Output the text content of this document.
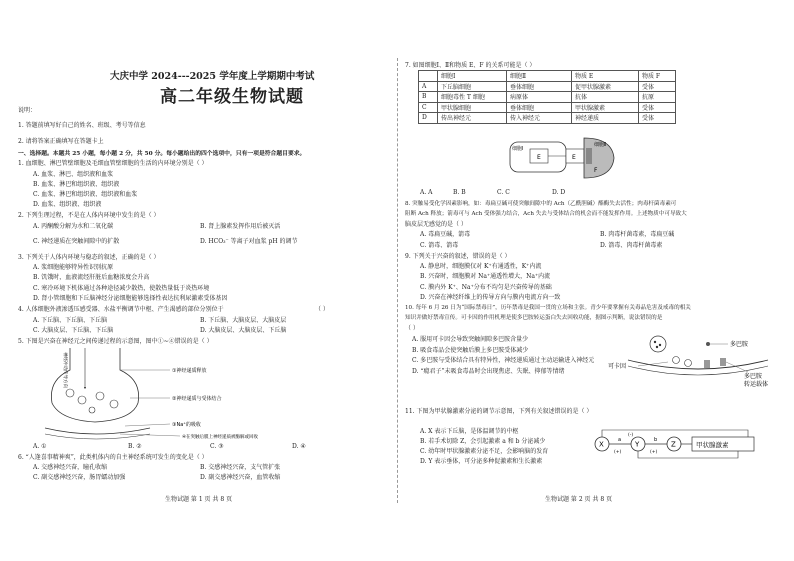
大庆中学 2024---2025 学年度上学期期中考试
高二年级生物试题
说明：
1. 答题前填写好自己的姓名、班级、考号等信息
2. 请将答案正确填写在答题卡上
一、选择题。本题共 25 小题，每小题 2 分，共 50 分。每小题给出的四个选项中，只有一项是符合题目要求。
1. 血细胞、淋巴管壁细胞及毛细血管壁细胞的生活的内环境分别是（ ）
A. 血浆、淋巴、组织液和血浆
B. 血浆、淋巴和组织液、组织液
C. 血浆、淋巴和组织液、组织液和血浆
D. 血浆、组织液、组织液
2. 下列生理过程，不是在人体内环境中发生的是（ ）
A. 丙酮酸分解为水和二氧化碳	B. 肾上腺素发挥作用后被灭活
C. 神经递质在突触间隙中的扩散	D. HCO₃⁻ 等离子对血浆 pH 的调节
3. 下列关于人体内环境与稳态的叙述，正确的是（ ）
A. 浆细胞能够特异性识别抗原
B. 饥饿时，血液流经肝脏后血糖浓度会升高
C. 寒冷环境下机体通过各种途径减少散热，使散热量低于炎热环境
D. 肾小管细胞和下丘脑神经分泌细胞能够选择性表达抗利尿激素受体基因
4. 人体细胞外液渗透压感受器、水盐平衡调节中枢、产生渴感的部位分别位于	（ ）
A. 下丘脑、下丘脑、下丘脑	B. 下丘脑、大脑皮层、大脑皮层
C. 大脑皮层、下丘脑、下丘脑	D. 大脑皮层、大脑皮层、下丘脑
5. 下图是兴奋在神经元之间传递过程的示意图，图中①~④错误的是（ ）
神经冲动传导方向	①神经递质释放
②神经递质与受体结合
③Na⁺的吸收
④在突触后膜上神经递质被酶解或回收
A. ①	B. ②	C. ③	D. ④
6. “人逢喜事精神爽”，此类机体内的自主神经系统可发生的变化是（ ）
A. 交感神经兴奋，瞳孔收缩	B. 交感神经兴奋，支气管扩张
C. 副交感神经兴奋，肠胃蠕动加强	D. 副交感神经兴奋，血管收缩
生物试题 第 1 页 共 8 页
7. 如图细胞Ⅰ、Ⅱ和物质 E、F 的关系可能是（ ）
	细胞Ⅰ	细胞Ⅱ	物质 E	物质 F
A	下丘脑细胞	垂体细胞	促甲状腺激素	受体
B	细胞毒性 T 细胞	病原体	抗体	抗原
C	甲状腺细胞	垂体细胞	甲状腺激素	受体
D	传出神经元	传入神经元	神经递质	受体
细胞Ⅰ
细胞Ⅱ
E	E
F
A. A	B. B	C. C	D. D
8. 突触易受化学因素影响，如：毒扁豆碱可使突触间隙中的 Ach（乙酰胆碱）酯酶失去活性；肉毒杆菌毒素可
阻断 Ach 释放；箭毒可与 Ach 受体强力结合，Ach 失去与受体结合的机会而不能发挥作用。上述物质中可导致大
脑皮层无感觉的是（ ）
A. 毒扁豆碱，箭毒	B. 肉毒杆菌毒素，毒扁豆碱
C. 箭毒、箭毒	D. 箭毒、肉毒杆菌毒素
9. 下列关于兴奋的叙述，错误的是（ ）
A. 静息时，细胞膜仅对 K⁺有通透性，K⁺内流
B. 兴奋时，细胞膜对 Na⁺通透性增大，Na⁺内流
C. 膜内外 K⁺、Na⁺分布不均匀是兴奋传导的基础
D. 兴奋在神经纤维上的传导方向与膜内电流方向一致
10. 每年 6 月 26 日为“国际禁毒日”，历年禁毒是我国一贯的立场和主张。青少年要掌握有关毒品危害及戒毒的相关
知识并做好禁毒宣传。可卡因的作用机理是使多巴胺转运蛋白失去回收功能，据图示判断，说法错误的是
（ ）
A. 服用可卡因会导致突触间隙多巴胺含量少
B. 吸食毒品会使突触后膜上多巴胺受体减少
C. 多巴胺与受体结合具有特异性，神经递质通过主动运输进入神经元
D. “瘾君子”未吸食毒品时会出现焦虑、失眠、抑郁等情绪
多巴胺
可卡因
多巴胺
转运载体
11. 下图为甲状腺激素分泌的调节示意图，下列有关叙述错误的是（ ）
A. X 表示下丘脑，是体温调节的中枢
B. 若手术切除 Z，会引起激素 a 和 b 分泌减少
C. 幼年时甲状腺激素分泌不足，会影响脑的发育
D. Y 表示垂体，可分泌多种促激素和生长激素
X	Y	Z
a	b
(+)	(+)
(-)
甲状腺激素
生物试题 第 2 页 共 8 页
